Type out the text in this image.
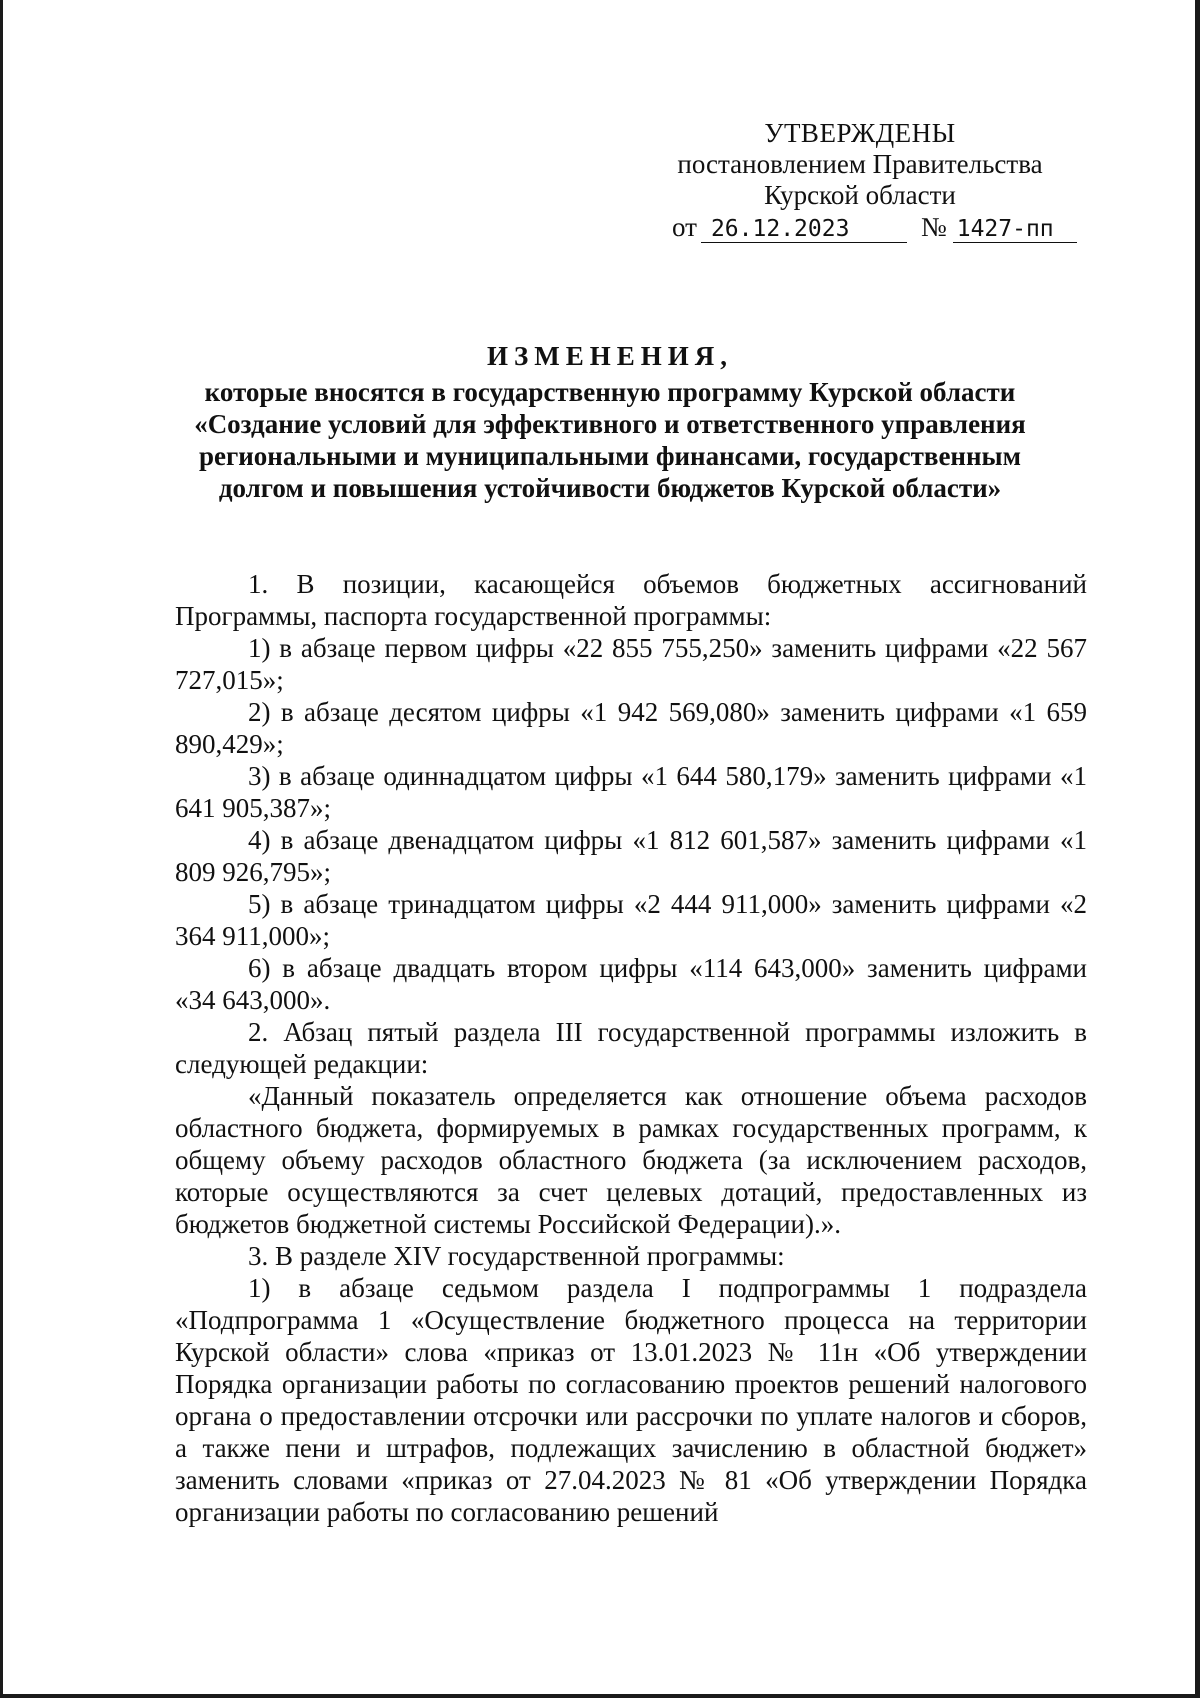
УТВЕРЖДЕНЫ
постановлением Правительства
Курской области
от 26.12.2023	№ 1427-пп
ИЗМЕНЕНИЯ,
которые вносятся в государственную программу Курской области
«Создание условий для эффективного и ответственного управления
региональными и муниципальными финансами, государственным
долгом и повышения устойчивости бюджетов Курской области»

1. В позиции, касающейся объемов бюджетных ассигнований Программы, паспорта государственной программы:

1) в абзаце первом цифры «22 855 755,250» заменить цифрами «22 567 727,015»;

2) в абзаце десятом цифры «1 942 569,080» заменить цифрами «1 659 890,429»;

3) в абзаце одиннадцатом цифры «1 644 580,179» заменить цифрами «1 641 905,387»;

4) в абзаце двенадцатом цифры «1 812 601,587» заменить цифрами «1 809 926,795»;

5) в абзаце тринадцатом цифры «2 444 911,000» заменить цифрами «2 364 911,000»;

6) в абзаце двадцать втором цифры «114 643,000» заменить цифрами «34 643,000».

2. Абзац пятый раздела III государственной программы изложить в следующей редакции:

«Данный показатель определяется как отношение объема расходов областного бюджета, формируемых в рамках государственных программ, к общему объему расходов областного бюджета (за исключением расходов, которые осуществляются за счет целевых дотаций, предоставленных из бюджетов бюджетной системы Российской Федерации).».

3. В разделе XIV государственной программы:

1) в абзаце седьмом раздела I подпрограммы 1 подраздела «Подпрограмма 1 «Осуществление бюджетного процесса на территории Курской области» слова «приказ от 13.01.2023 № 11н «Об утверждении Порядка организации работы по согласованию проектов решений налогового органа о предоставлении отсрочки или рассрочки по уплате налогов и сборов, а также пени и штрафов, подлежащих зачислению в областной бюджет» заменить словами «приказ от 27.04.2023 № 81 «Об утверждении Порядка организации работы по согласованию решений
